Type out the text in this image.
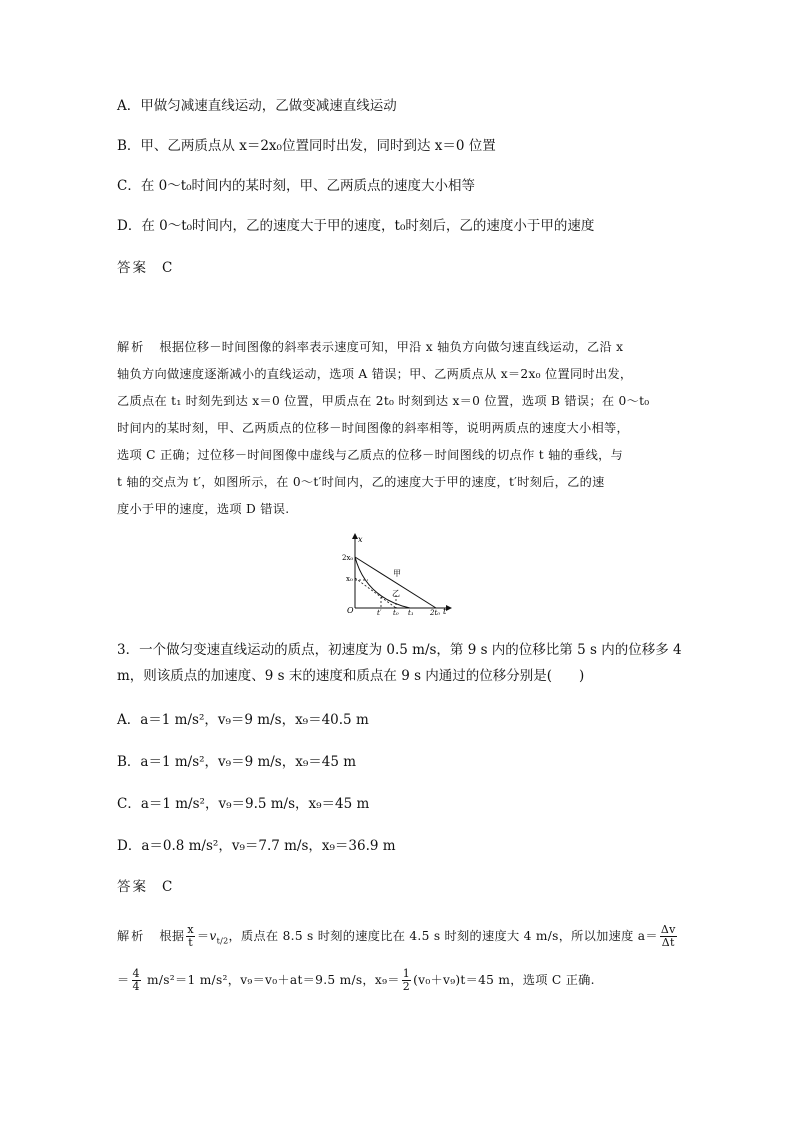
A．甲做匀减速直线运动，乙做变减速直线运动
B．甲、乙两质点从 x＝2x₀位置同时出发，同时到达 x＝0 位置
C．在 0～t₀时间内的某时刻，甲、乙两质点的速度大小相等
D．在 0～t₀时间内，乙的速度大于甲的速度，t₀时刻后，乙的速度小于甲的速度
答案 C
解析 根据位移－时间图像的斜率表示速度可知，甲沿 x 轴负方向做匀速直线运动，乙沿 x
轴负方向做速度逐渐减小的直线运动，选项 A 错误；甲、乙两质点从 x＝2x₀ 位置同时出发，
乙质点在 t₁ 时刻先到达 x＝0 位置，甲质点在 2t₀ 时刻到达 x＝0 位置，选项 B 错误；在 0～t₀
时间内的某时刻，甲、乙两质点的位移－时间图像的斜率相等，说明两质点的速度大小相等，
选项 C 正确；过位移－时间图像中虚线与乙质点的位移－时间图线的切点作 t 轴的垂线，与
t 轴的交点为 t′，如图所示，在 0～t′时间内，乙的速度大于甲的速度，t′时刻后，乙的速
度小于甲的速度，选项 D 错误.
x
t
O
2x₀
x₀
甲
乙
t′ t₀ t₁ 2t₀
3．一个做匀变速直线运动的质点，初速度为 0.5 m/s，第 9 s 内的位移比第 5 s 内的位移多 4
m，则该质点的加速度、9 s 末的速度和质点在 9 s 内通过的位移分别是(　　)
A．a＝1 m/s²，v₉＝9 m/s，x₉＝40.5 m
B．a＝1 m/s²，v₉＝9 m/s，x₉＝45 m
C．a＝1 m/s²，v₉＝9.5 m/s，x₉＝45 m
D．a＝0.8 m/s²，v₉＝7.7 m/s，x₉＝36.9 m
答案 C
解析 根据 $\frac{x}{t} =v_{t/2}$，质点在 8.5 s 时刻的速度比在 4.5 s 时刻的速度大 4 m/s，所以加速度 $a= \frac{\Delta v}{\Delta t}$
＝ $\frac{4}{4} m/s^2=1$ m/s²，v₉＝v₀＋at＝9.5 m/s，$x_9= \frac{1}{2} (v_0+v_9)t=45$ m，选项 C 正确.
